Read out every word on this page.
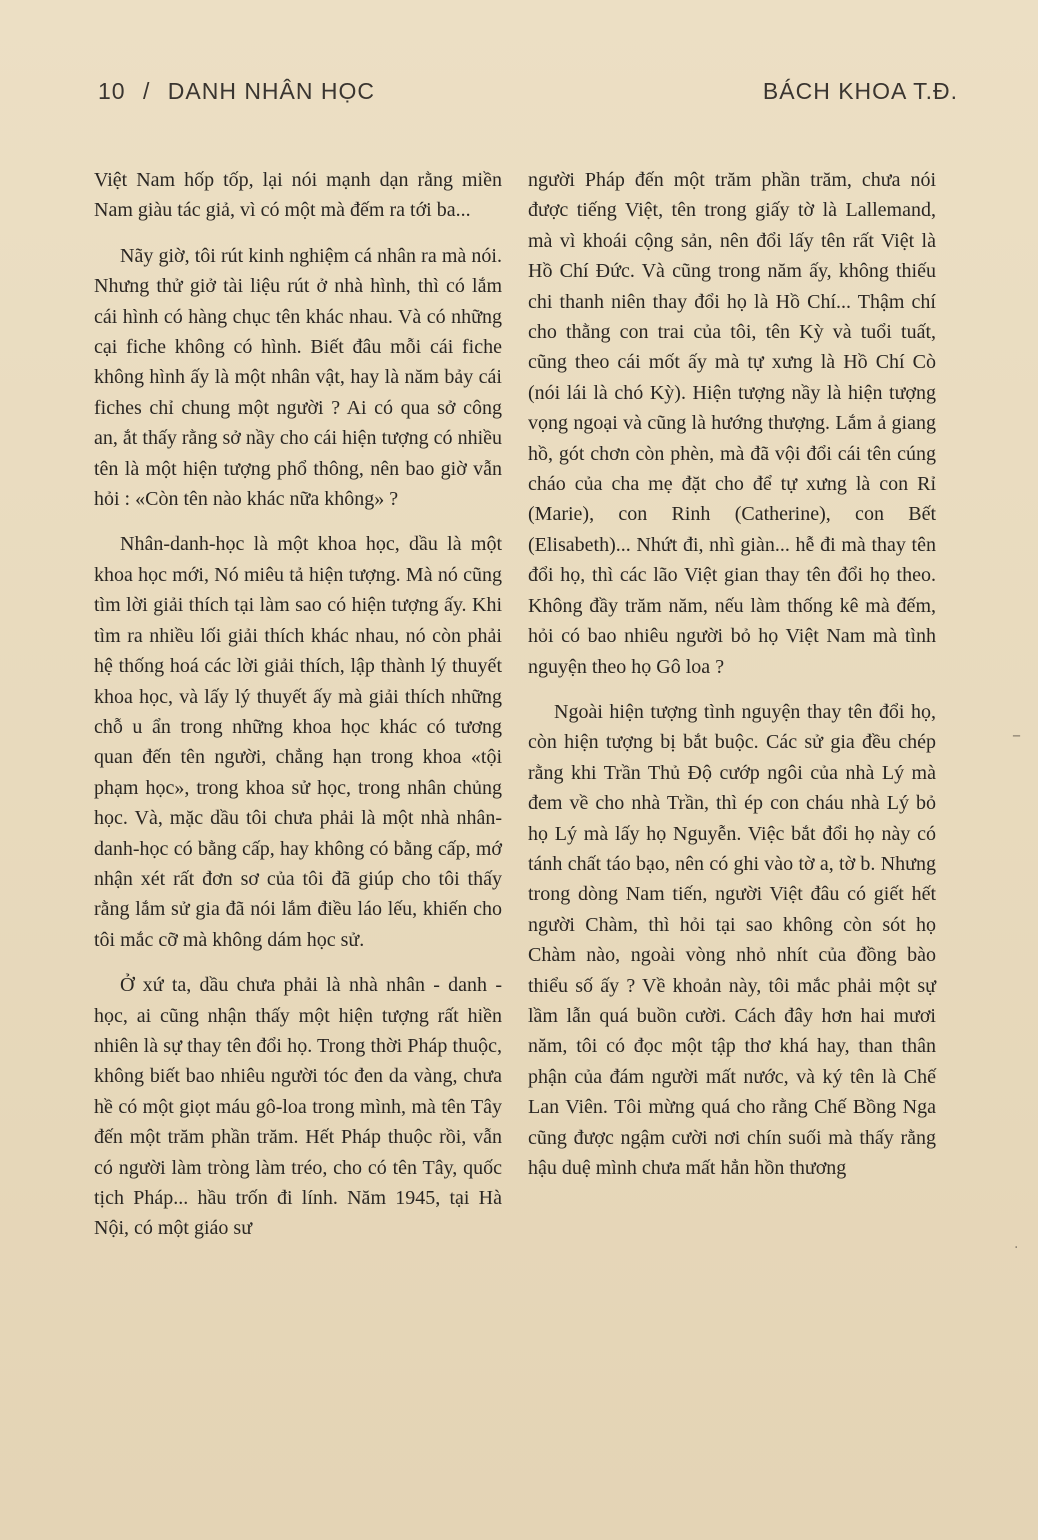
10 / DANH NHÂN HỌC	BÁCH KHOA T.Đ.

Việt Nam hốp tốp, lại nói mạnh dạn rằng miền Nam giàu tác giả, vì có một mà đếm ra tới ba...

Nãy giờ, tôi rút kinh nghiệm cá nhân ra mà nói. Nhưng thử giở tài liệu rút ở nhà hình, thì có lắm cái hình có hàng chục tên khác nhau. Và có những cại fiche không có hình. Biết đâu mỗi cái fiche không hình ấy là một nhân vật, hay là năm bảy cái fiches chỉ chung một người ? Ai có qua sở công an, ắt thấy rằng sở nầy cho cái hiện tượng có nhiều tên là một hiện tượng phổ thông, nên bao giờ vẫn hỏi : «Còn tên nào khác nữa không» ?

Nhân-danh-học là một khoa học, dầu là một khoa học mới, Nó miêu tả hiện tượng. Mà nó cũng tìm lời giải thích tại làm sao có hiện tượng ấy. Khi tìm ra nhiều lối giải thích khác nhau, nó còn phải hệ thống hoá các lời giải thích, lập thành lý thuyết khoa học, và lấy lý thuyết ấy mà giải thích những chỗ u ẩn trong những khoa học khác có tương quan đến tên người, chẳng hạn trong khoa «tội phạm học», trong khoa sử học, trong nhân chủng học. Và, mặc dầu tôi chưa phải là một nhà nhân-danh-học có bằng cấp, hay không có bằng cấp, mớ nhận xét rất đơn sơ của tôi đã giúp cho tôi thấy rằng lắm sử gia đã nói lắm điều láo lếu, khiến cho tôi mắc cỡ mà không dám học sử.

Ở xứ ta, dầu chưa phải là nhà nhân - danh - học, ai cũng nhận thấy một hiện tượng rất hiền nhiên là sự thay tên đổi họ. Trong thời Pháp thuộc, không biết bao nhiêu người tóc đen da vàng, chưa hề có một giọt máu gô-loa trong mình, mà tên Tây đến một trăm phần trăm. Hết Pháp thuộc rồi, vẫn có người làm tròng làm tréo, cho có tên Tây, quốc tịch Pháp... hầu trốn đi lính. Năm 1945, tại Hà Nội, có một giáo sư

người Pháp đến một trăm phần trăm, chưa nói được tiếng Việt, tên trong giấy tờ là Lallemand, mà vì khoái cộng sản, nên đổi lấy tên rất Việt là Hồ Chí Đức. Và cũng trong năm ấy, không thiếu chi thanh niên thay đổi họ là Hồ Chí... Thậm chí cho thằng con trai của tôi, tên Kỳ và tuổi tuất, cũng theo cái mốt ấy mà tự xưng là Hồ Chí Cò (nói lái là chó Kỳ). Hiện tượng nầy là hiện tượng vọng ngoại và cũng là hướng thượng. Lắm ả giang hồ, gót chơn còn phèn, mà đã vội đổi cái tên cúng cháo của cha mẹ đặt cho để tự xưng là con Rỉ (Marie), con Rinh (Catherine), con Bết (Elisabeth)... Nhứt đi, nhì giàn... hễ đi mà thay tên đổi họ, thì các lão Việt gian thay tên đổi họ theo. Không đầy trăm năm, nếu làm thống kê mà đếm, hỏi có bao nhiêu người bỏ họ Việt Nam mà tình nguyện theo họ Gô loa ?

Ngoài hiện tượng tình nguyện thay tên đổi họ, còn hiện tượng bị bắt buộc. Các sử gia đều chép rằng khi Trần Thủ Độ cướp ngôi của nhà Lý mà đem về cho nhà Trần, thì ép con cháu nhà Lý bỏ họ Lý mà lấy họ Nguyễn. Việc bắt đổi họ này có tánh chất táo bạo, nên có ghi vào tờ a, tờ b. Nhưng trong dòng Nam tiến, người Việt đâu có giết hết người Chàm, thì hỏi tại sao không còn sót họ Chàm nào, ngoài vòng nhỏ nhít của đồng bào thiểu số ấy ? Về khoản này, tôi mắc phải một sự lầm lẫn quá buồn cười. Cách đây hơn hai mươi năm, tôi có đọc một tập thơ khá hay, than thân phận của đám người mất nước, và ký tên là Chế Lan Viên. Tôi mừng quá cho rằng Chế Bồng Nga cũng được ngậm cười nơi chín suối mà thấy rằng hậu duệ mình chưa mất hẳn hồn thương

–
·
